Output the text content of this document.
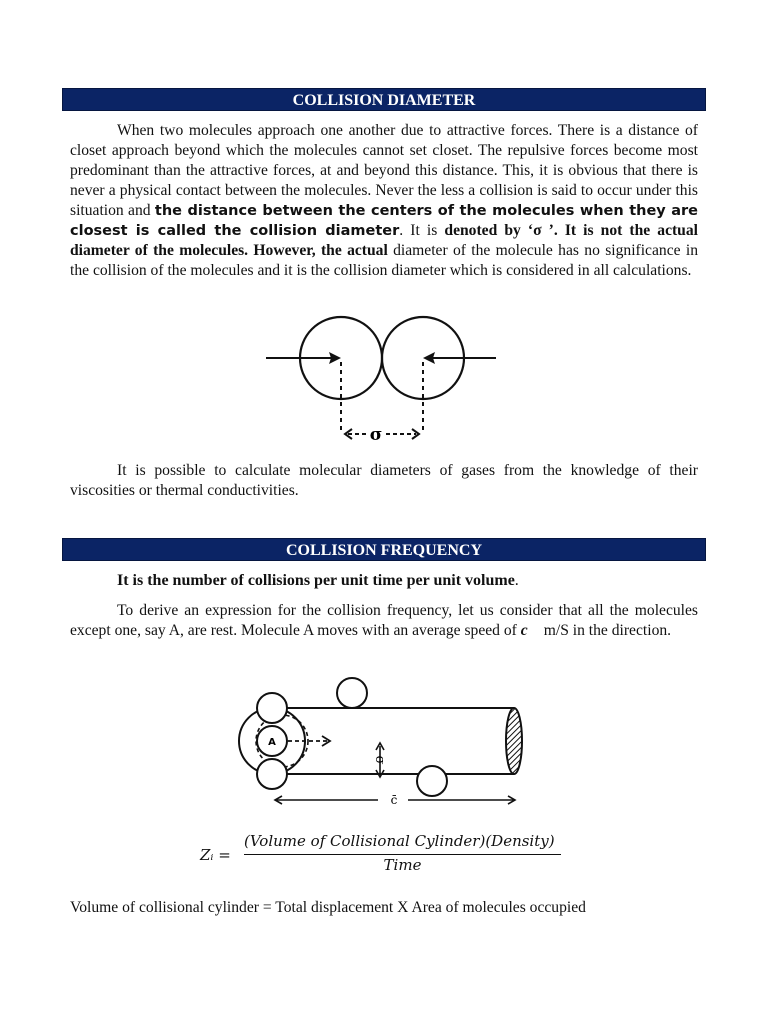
COLLISION DIAMETER

When two molecules approach one another due to attractive forces. There is a distance of closet approach beyond which the molecules cannot set closet. The repulsive forces become most predominant than the attractive forces, at and beyond this distance. This, it is obvious that there is never a physical contact between the molecules. Never the less a collision is said to occur under this situation and the distance between the centers of the molecules when they are closest is called the collision diameter. It is denoted by ‘σ ’. It is not the actual diameter of the molecules. However, the actual diameter of the molecule has no significance in the collision of the molecules and it is the collision diameter which is considered in all calculations.

σ

It is possible to calculate molecular diameters of gases from the knowledge of their viscosities or thermal conductivities.

COLLISION FREQUENCY

It is the number of collisions per unit time per unit volume.

To derive an expression for the collision frequency, let us consider that all the molecules except one, say A, are rest. Molecule A moves with an average speed of c⃗ m/S in the direction.

A
σ
c̄
Zᵢ =
(Volume of Collisional Cylinder)(Density)
Time

Volume of collisional cylinder = Total displacement X Area of molecules occupied
